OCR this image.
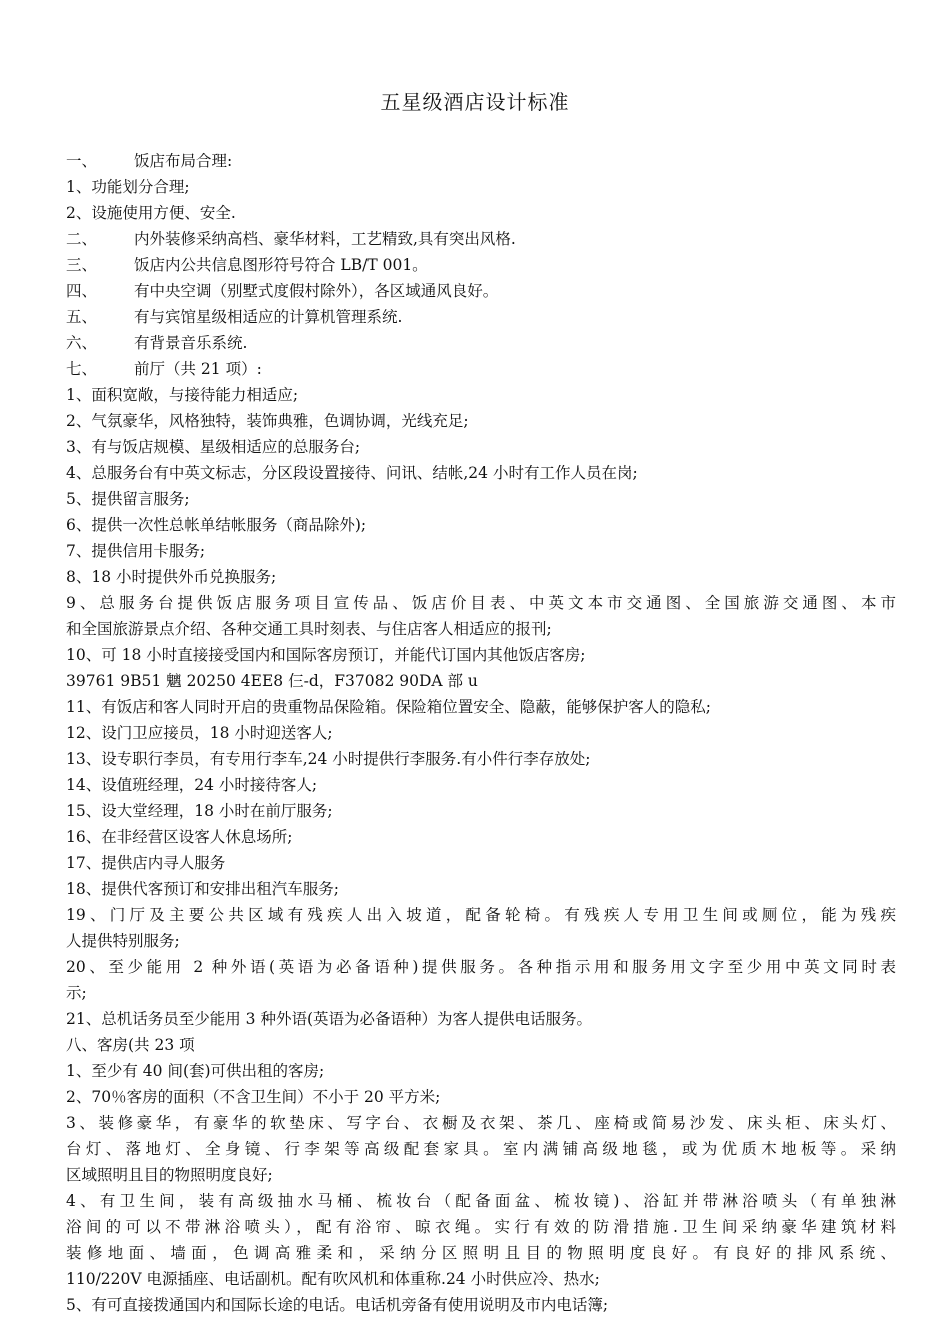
五星级酒店设计标准
一、 饭店布局合理:
1、功能划分合理;
2、设施使用方便、安全.
二、 内外装修采纳高档、豪华材料，工艺精致,具有突出风格.
三、 饭店内公共信息图形符号符合 LB/T 001。
四、 有中央空调（别墅式度假村除外），各区域通风良好。
五、 有与宾馆星级相适应的计算机管理系统.
六、 有背景音乐系统.
七、 前厅（共 21 项）:
1、面积宽敞，与接待能力相适应;
2、气氛豪华，风格独特，装饰典雅，色调协调，光线充足;
3、有与饭店规模、星级相适应的总服务台;
4、总服务台有中英文标志，分区段设置接待、问讯、结帐,24 小时有工作人员在岗;
5、提供留言服务;
6、提供一次性总帐单结帐服务（商品除外);
7、提供信用卡服务;
8、18 小时提供外币兑换服务;
9、总服务台提供饭店服务项目宣传品、饭店价目表、中英文本市交通图、全国旅游交通图、本市
和全国旅游景点介绍、各种交通工具时刻表、与住店客人相适应的报刊;
10、可 18 小时直接接受国内和国际客房预订，并能代订国内其他饭店客房;
39761 9B51 魑 20250 4EE8 仨-d，F37082 90DA 部 u
11、有饭店和客人同时开启的贵重物品保险箱。保险箱位置安全、隐蔽，能够保护客人的隐私;
12、设门卫应接员，18 小时迎送客人;
13、设专职行李员，有专用行李车,24 小时提供行李服务.有小件行李存放处;
14、设值班经理，24 小时接待客人;
15、设大堂经理，18 小时在前厅服务;
16、在非经营区设客人休息场所;
17、提供店内寻人服务
18、提供代客预订和安排出租汽车服务;
19、门厅及主要公共区域有残疾人出入坡道，配备轮椅。有残疾人专用卫生间或厕位，能为残疾
人提供特别服务;
20、至少能用 2 种外语(英语为必备语种)提供服务。各种指示用和服务用文字至少用中英文同时表
示;
21、总机话务员至少能用 3 种外语(英语为必备语种）为客人提供电话服务。
八、客房(共 23 项
1、至少有 40 间(套)可供出租的客房;
2、70％客房的面积（不含卫生间）不小于 20 平方米;
3、装修豪华，有豪华的软垫床、写字台、衣橱及衣架、茶几、座椅或简易沙发、床头柜、床头灯、
台灯、落地灯、全身镜、行李架等高级配套家具。室内满铺高级地毯，或为优质木地板等。采纳
区域照明且目的物照明度良好;
4、有卫生间，装有高级抽水马桶、梳妆台（配备面盆、梳妆镜)、浴缸并带淋浴喷头（有单独淋
浴间的可以不带淋浴喷头），配有浴帘、晾衣绳。实行有效的防滑措施.卫生间采纳豪华建筑材料
装修地面、墙面，色调高雅柔和，采纳分区照明且目的物照明度良好。有良好的排风系统、
110/220V 电源插座、电话副机。配有吹风机和体重称.24 小时供应冷、热水;
5、有可直接拨通国内和国际长途的电话。电话机旁备有使用说明及市内电话簿;
